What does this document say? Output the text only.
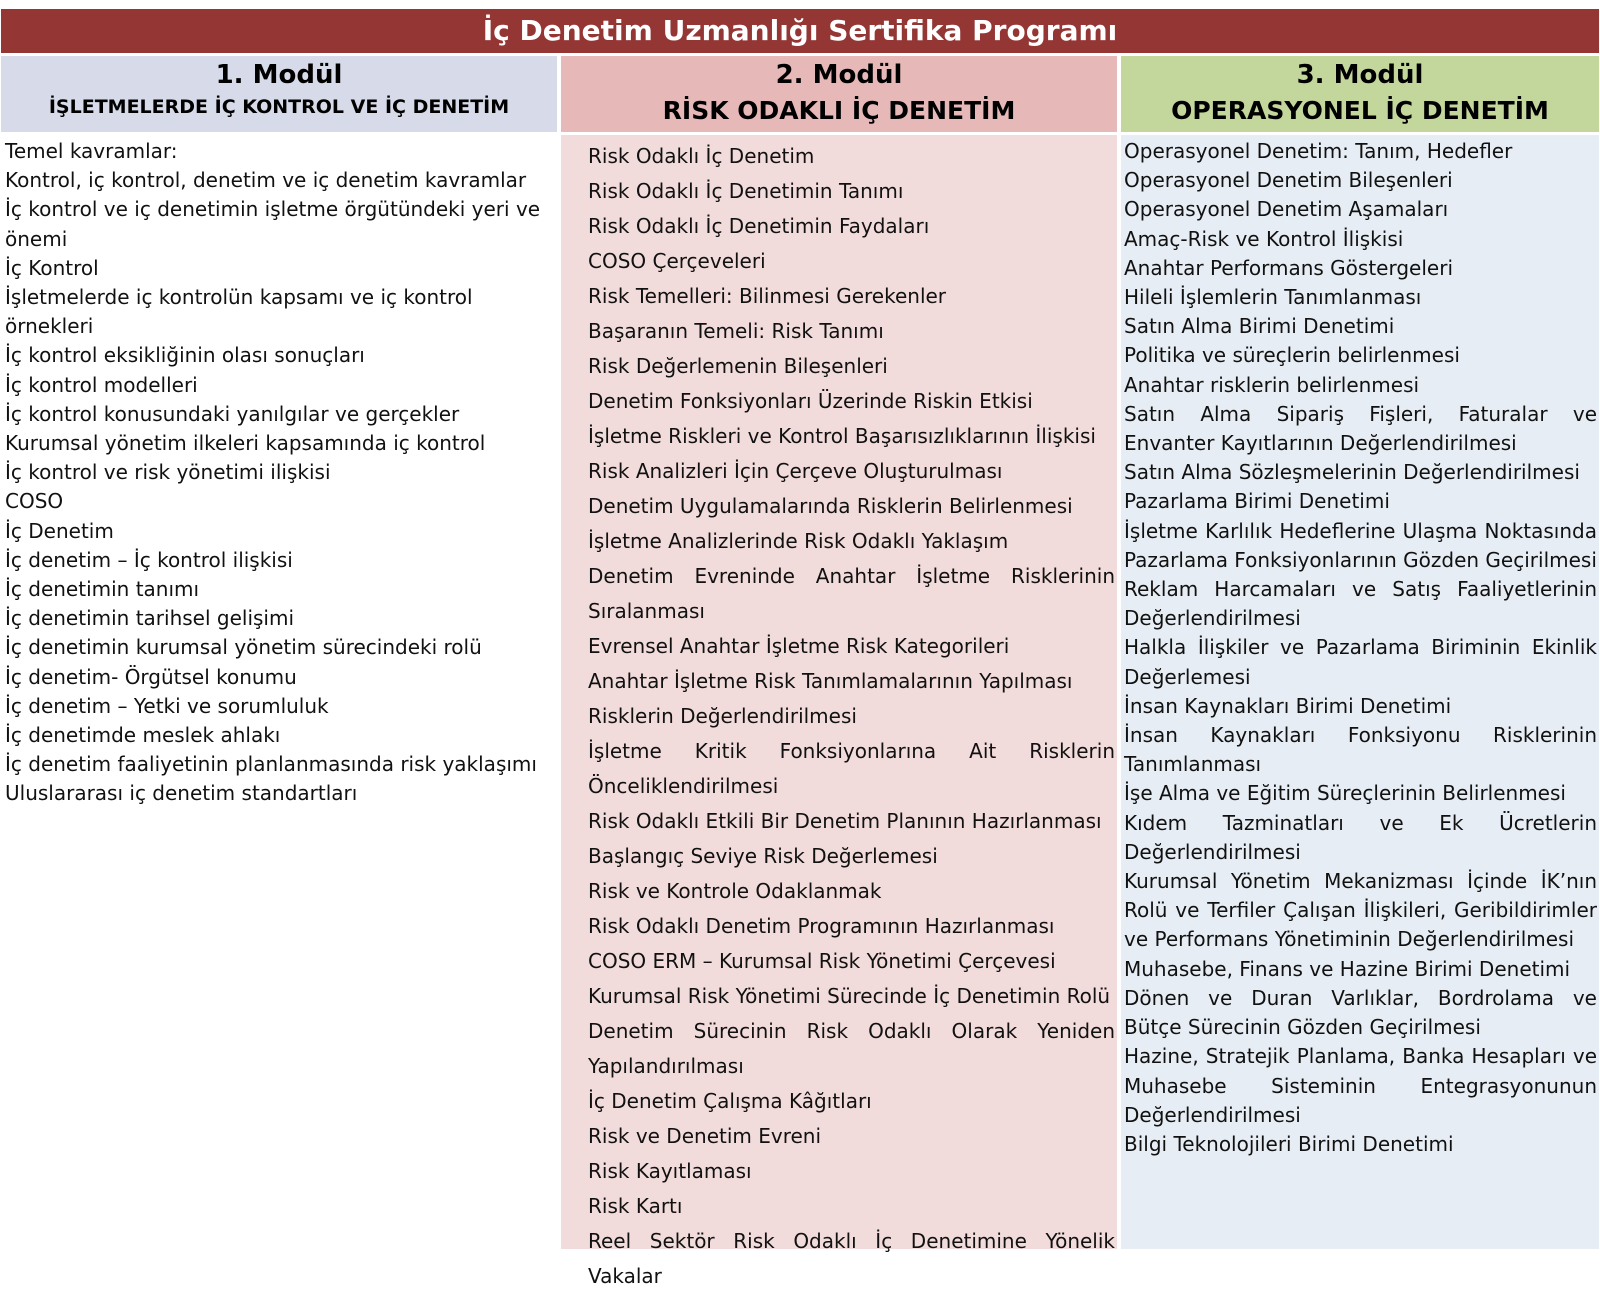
İç Denetim Uzmanlığı Sertifika Programı
1. Modül
İŞLETMELERDE İÇ KONTROL VE İÇ DENETİM
2. Modül
RİSK ODAKLI İÇ DENETİM
3. Modül
OPERASYONEL İÇ DENETİM
Temel kavramlar:
Kontrol, iç kontrol, denetim ve iç denetim kavramlar
İç kontrol ve iç denetimin işletme örgütündeki yeri ve önemi
İç Kontrol
İşletmelerde iç kontrolün kapsamı ve iç kontrol örnekleri
İç kontrol eksikliğinin olası sonuçları
İç kontrol modelleri
İç kontrol konusundaki yanılgılar ve gerçekler
Kurumsal yönetim ilkeleri kapsamında iç kontrol
İç kontrol ve risk yönetimi ilişkisi
COSO
İç Denetim
İç denetim – İç kontrol ilişkisi
İç denetimin tanımı
İç denetimin tarihsel gelişimi
İç denetimin kurumsal yönetim sürecindeki rolü
İç denetim- Örgütsel konumu
İç denetim – Yetki ve sorumluluk
İç denetimde meslek ahlakı
İç denetim faaliyetinin planlanmasında risk yaklaşımı
Uluslararası iç denetim standartları
Risk Odaklı İç Denetim
Risk Odaklı İç Denetimin Tanımı
Risk Odaklı İç Denetimin Faydaları
COSO Çerçeveleri
Risk Temelleri: Bilinmesi Gerekenler
Başaranın Temeli: Risk Tanımı
Risk Değerlemenin Bileşenleri
Denetim Fonksiyonları Üzerinde Riskin Etkisi
İşletme Riskleri ve Kontrol Başarısızlıklarının İlişkisi
Risk Analizleri İçin Çerçeve Oluşturulması
Denetim Uygulamalarında Risklerin Belirlenmesi
İşletme Analizlerinde Risk Odaklı Yaklaşım
Denetim Evreninde Anahtar İşletme Risklerinin Sıralanması
Evrensel Anahtar İşletme Risk Kategorileri
Anahtar İşletme Risk Tanımlamalarının Yapılması
Risklerin Değerlendirilmesi
İşletme Kritik Fonksiyonlarına Ait Risklerin Önceliklendirilmesi
Risk Odaklı Etkili Bir Denetim Planının Hazırlanması
Başlangıç Seviye Risk Değerlemesi
Risk ve Kontrole Odaklanmak
Risk Odaklı Denetim Programının Hazırlanması
COSO ERM – Kurumsal Risk Yönetimi Çerçevesi
Kurumsal Risk Yönetimi Sürecinde İç Denetimin Rolü
Denetim Sürecinin Risk Odaklı Olarak Yeniden Yapılandırılması
İç Denetim Çalışma Kâğıtları
Risk ve Denetim Evreni
Risk Kayıtlaması
Risk Kartı
Reel Sektör Risk Odaklı İç Denetimine Yönelik Vakalar
Operasyonel Denetim: Tanım, Hedefler
Operasyonel Denetim Bileşenleri
Operasyonel Denetim Aşamaları
Amaç-Risk ve Kontrol İlişkisi
Anahtar Performans Göstergeleri
Hileli İşlemlerin Tanımlanması
Satın Alma Birimi Denetimi
Politika ve süreçlerin belirlenmesi
Anahtar risklerin belirlenmesi
Satın Alma Sipariş Fişleri, Faturalar ve Envanter Kayıtlarının Değerlendirilmesi
Satın Alma Sözleşmelerinin Değerlendirilmesi
Pazarlama Birimi Denetimi
İşletme Karlılık Hedeflerine Ulaşma Noktasında Pazarlama Fonksiyonlarının Gözden Geçirilmesi
Reklam Harcamaları ve Satış Faaliyetlerinin Değerlendirilmesi
Halkla İlişkiler ve Pazarlama Biriminin Ekinlik Değerlemesi
İnsan Kaynakları Birimi Denetimi
İnsan Kaynakları Fonksiyonu Risklerinin Tanımlanması
İşe Alma ve Eğitim Süreçlerinin Belirlenmesi
Kıdem Tazminatları ve Ek Ücretlerin Değerlendirilmesi
Kurumsal Yönetim Mekanizması İçinde İK’nın Rolü ve Terfiler Çalışan İlişkileri, Geribildirimler ve Performans Yönetiminin Değerlendirilmesi
Muhasebe, Finans ve Hazine Birimi Denetimi
Dönen ve Duran Varlıklar, Bordrolama ve Bütçe Sürecinin Gözden Geçirilmesi
Hazine, Stratejik Planlama, Banka Hesapları ve Muhasebe Sisteminin Entegrasyonunun Değerlendirilmesi
Bilgi Teknolojileri Birimi Denetimi
